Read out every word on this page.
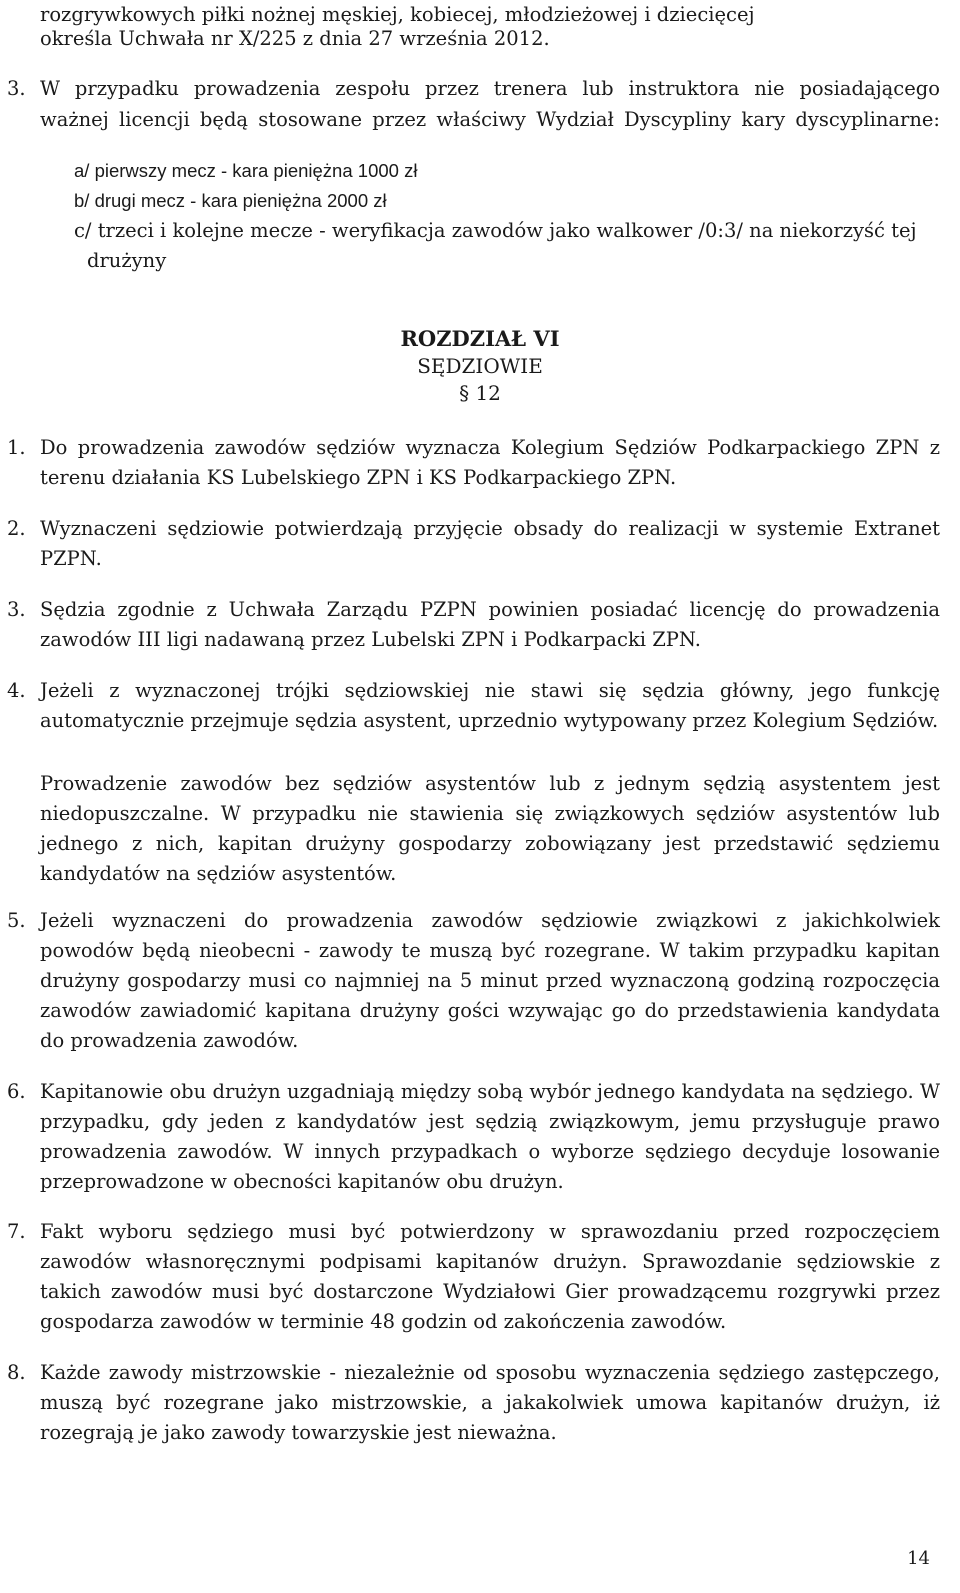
rozgrywkowych piłki nożnej męskiej, kobiecej, młodzieżowej i dziecięcej
określa Uchwała nr X/225 z dnia 27 września 2012.
3. W przypadku prowadzenia zespołu przez trenera lub instruktora nie posiadającego
ważnej licencji będą stosowane przez właściwy Wydział Dyscypliny kary dyscyplinarne:
a/ pierwszy mecz - kara pieniężna 1000 zł
b/ drugi mecz - kara pieniężna 2000 zł
c/ trzeci i kolejne mecze - weryfikacja zawodów jako walkower /0:3/ na niekorzyść tej
drużyny
ROZDZIAŁ VI
SĘDZIOWIE
§ 12
1. Do prowadzenia zawodów sędziów wyznacza Kolegium Sędziów Podkarpackiego ZPN z terenu działania KS Lubelskiego ZPN i KS Podkarpackiego ZPN.
2. Wyznaczeni sędziowie potwierdzają przyjęcie obsady do realizacji w systemie Extranet PZPN.
3. Sędzia zgodnie z Uchwała Zarządu PZPN powinien posiadać licencję do prowadzenia zawodów III ligi nadawaną przez Lubelski ZPN i Podkarpacki ZPN.
4. Jeżeli z wyznaczonej trójki sędziowskiej nie stawi się sędzia główny, jego funkcję automatycznie przejmuje sędzia asystent, uprzednio wytypowany przez Kolegium Sędziów.
Prowadzenie zawodów bez sędziów asystentów lub z jednym sędzią asystentem jest niedopuszczalne. W przypadku nie stawienia się związkowych sędziów asystentów lub jednego z nich, kapitan drużyny gospodarzy zobowiązany jest przedstawić sędziemu kandydatów na sędziów asystentów.
5. Jeżeli wyznaczeni do prowadzenia zawodów sędziowie związkowi z jakichkolwiek powodów będą nieobecni - zawody te muszą być rozegrane. W takim przypadku kapitan drużyny gospodarzy musi co najmniej na 5 minut przed wyznaczoną godziną rozpoczęcia zawodów zawiadomić kapitana drużyny gości wzywając go do przedstawienia kandydata do prowadzenia zawodów.
6. Kapitanowie obu drużyn uzgadniają między sobą wybór jednego kandydata na sędziego. W przypadku, gdy jeden z kandydatów jest sędzią związkowym, jemu przysługuje prawo prowadzenia zawodów. W innych przypadkach o wyborze sędziego decyduje losowanie przeprowadzone w obecności kapitanów obu drużyn.
7. Fakt wyboru sędziego musi być potwierdzony w sprawozdaniu przed rozpoczęciem zawodów własnoręcznymi podpisami kapitanów drużyn. Sprawozdanie sędziowskie z takich zawodów musi być dostarczone Wydziałowi Gier prowadzącemu rozgrywki przez gospodarza zawodów w terminie 48 godzin od zakończenia zawodów.
8. Każde zawody mistrzowskie - niezależnie od sposobu wyznaczenia sędziego zastępczego, muszą być rozegrane jako mistrzowskie, a jakakolwiek umowa kapitanów drużyn, iż rozegrają je jako zawody towarzyskie jest nieważna.
14
